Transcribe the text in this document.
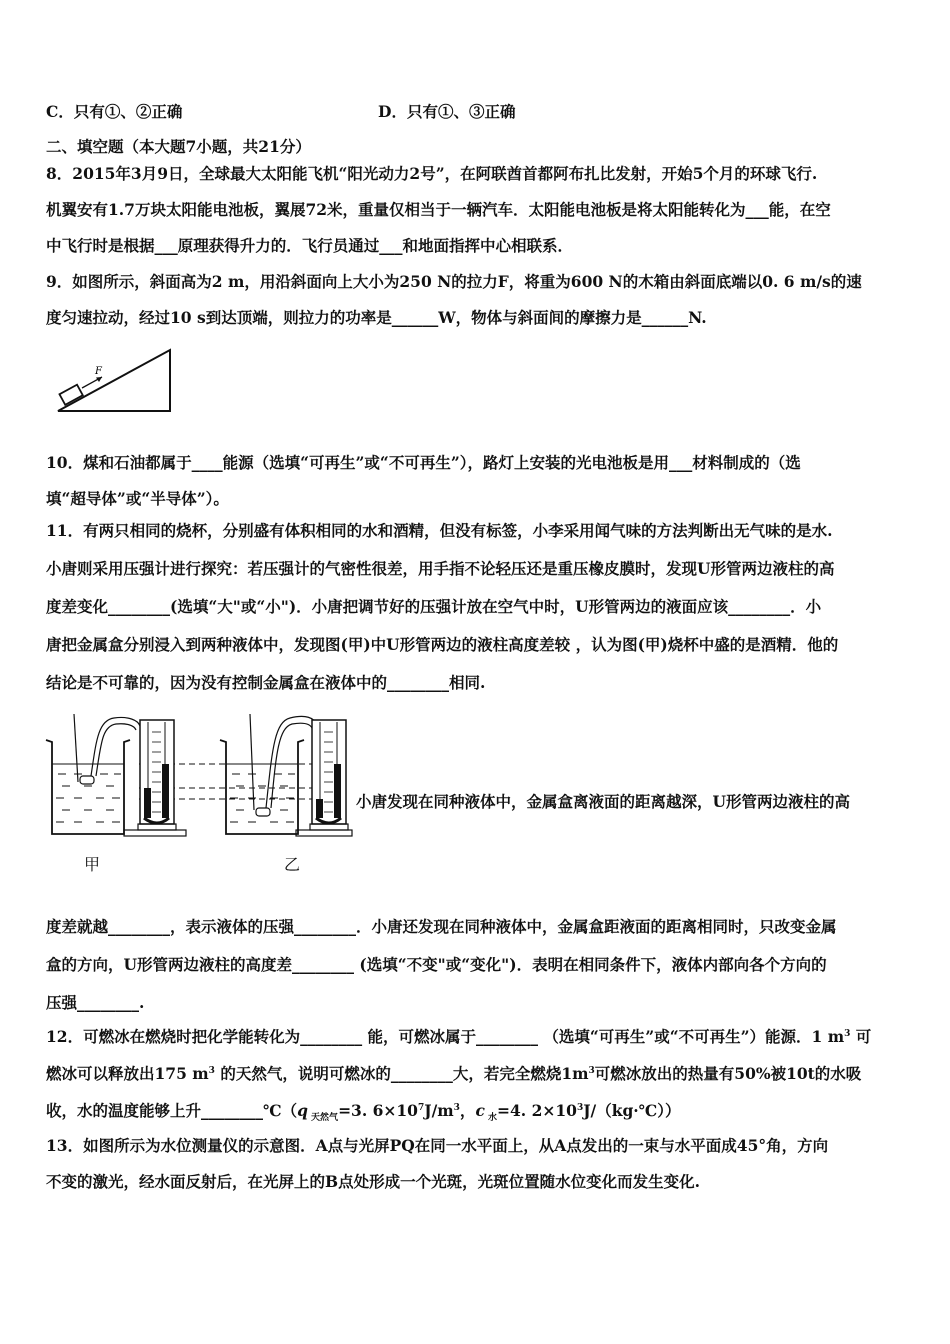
C．只有①、②正确	D．只有①、③正确
二、填空题（本大题7小题，共21分）
8．2015年3月9日，全球最大太阳能飞机“阳光动力2号”，在阿联酋首都阿布扎比发射，开始5个月的环球飞行.
机翼安有1.7万块太阳能电池板，翼展72米，重量仅相当于一辆汽车．太阳能电池板是将太阳能转化为___能，在空
中飞行时是根据___原理获得升力的．飞行员通过___和地面指挥中心相联系．
9．如图所示，斜面高为2 m，用沿斜面向上大小为250 N的拉力F，将重为600 N的木箱由斜面底端以0. 6 m/s的速
度匀速拉动，经过10 s到达顶端，则拉力的功率是______W，物体与斜面间的摩擦力是______N.
F
10．煤和石油都属于____能源（选填“可再生”或“不可再生”），路灯上安装的光电池板是用___材料制成的（选
填“超导体”或“半导体”）。
11．有两只相同的烧杯，分别盛有体积相同的水和酒精，但没有标签，小李采用闻气味的方法判断出无气味的是水.
小唐则采用压强计进行探究：若压强计的气密性很差，用手指不论轻压还是重压橡皮膜时，发现U形管两边液柱的高
度差变化________(选填“大"或“小")．小唐把调节好的压强计放在空气中时，U形管两边的液面应该________．小
唐把金属盒分别浸入到两种液体中，发现图(甲)中U形管两边的液柱高度差较 ，认为图(甲)烧杯中盛的是酒精．他的
结论是不可靠的，因为没有控制金属盒在液体中的________相同.
甲	乙
小唐发现在同种液体中，金属盒离液面的距离越深，U形管两边液柱的高
度差就越________，表示液体的压强________．小唐还发现在同种液体中，金属盒距液面的距离相同时，只改变金属
盒的方向，U形管两边液柱的高度差________ (选填“不变"或“变化")．表明在相同条件下，液体内部向各个方向的
压强________.
12．可燃冰在燃烧时把化学能转化为________ 能，可燃冰属于________ （选填“可再生”或“不可再生”）能源．1 $m^3$ 可
燃冰可以释放出175 $m^3$ 的天然气，说明可燃冰的________大，若完全燃烧$1m^3$可燃冰放出的热量有50%被10t的水吸
收，水的温度能够上升________℃（q $_{天然气}$=3. $6\times 10^7J/m^3$，c $_水$=4. $2\times 10^3J/(kg\cdot℃)$）
13．如图所示为水位测量仪的示意图．A点与光屏PQ在同一水平面上，从A点发出的一束与水平面成45°角，方向
不变的激光，经水面反射后，在光屏上的B点处形成一个光斑，光斑位置随水位变化而发生变化.
